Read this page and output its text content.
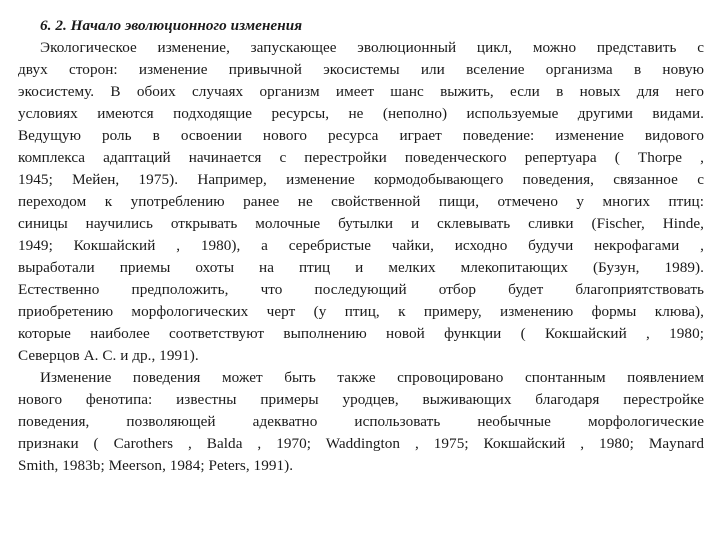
6. 2. Начало эволюционного изменения
Экологическое изменение, запускающее эволюционный цикл, можно представить с
двух сторон: изменение привычной экосистемы или вселение организма в новую
экосистему. В обоих случаях организм имеет шанс выжить, если в новых для него
условиях имеются подходящие ресурсы, не (неполно) используемые другими видами.
Ведущую роль в освоении нового ресурса играет поведение: изменение видового
комплекса адаптаций начинается с перестройки поведенческого репертуара ( Thorpe ,
1945; Мейен, 1975). Например, изменение кормодобывающего поведения, связанное с
переходом к употреблению ранее не свойственной пищи, отмечено у многих птиц:
синицы научились открывать молочные бутылки и склевывать сливки (Fischer, Hinde,
1949; Кокшайский , 1980), а серебристые чайки, исходно будучи некрофагами ,
выработали приемы охоты на птиц и мелких млекопитающих (Бузун, 1989).
Естественно предположить, что последующий отбор будет благоприятствовать
приобретению морфологических черт (у птиц, к примеру, изменению формы клюва),
которые наиболее соответствуют выполнению новой функции ( Кокшайский , 1980;
Северцов А. С. и др., 1991).
Изменение поведения может быть также спровоцировано спонтанным появлением
нового фенотипа: известны примеры уродцев, выживающих благодаря перестройке
поведения, позволяющей адекватно использовать необычные морфологические
признаки ( Carothers , Balda , 1970; Waddington , 1975; Кокшайский , 1980; Maynard
Smith, 1983b; Meerson, 1984; Peters, 1991).
